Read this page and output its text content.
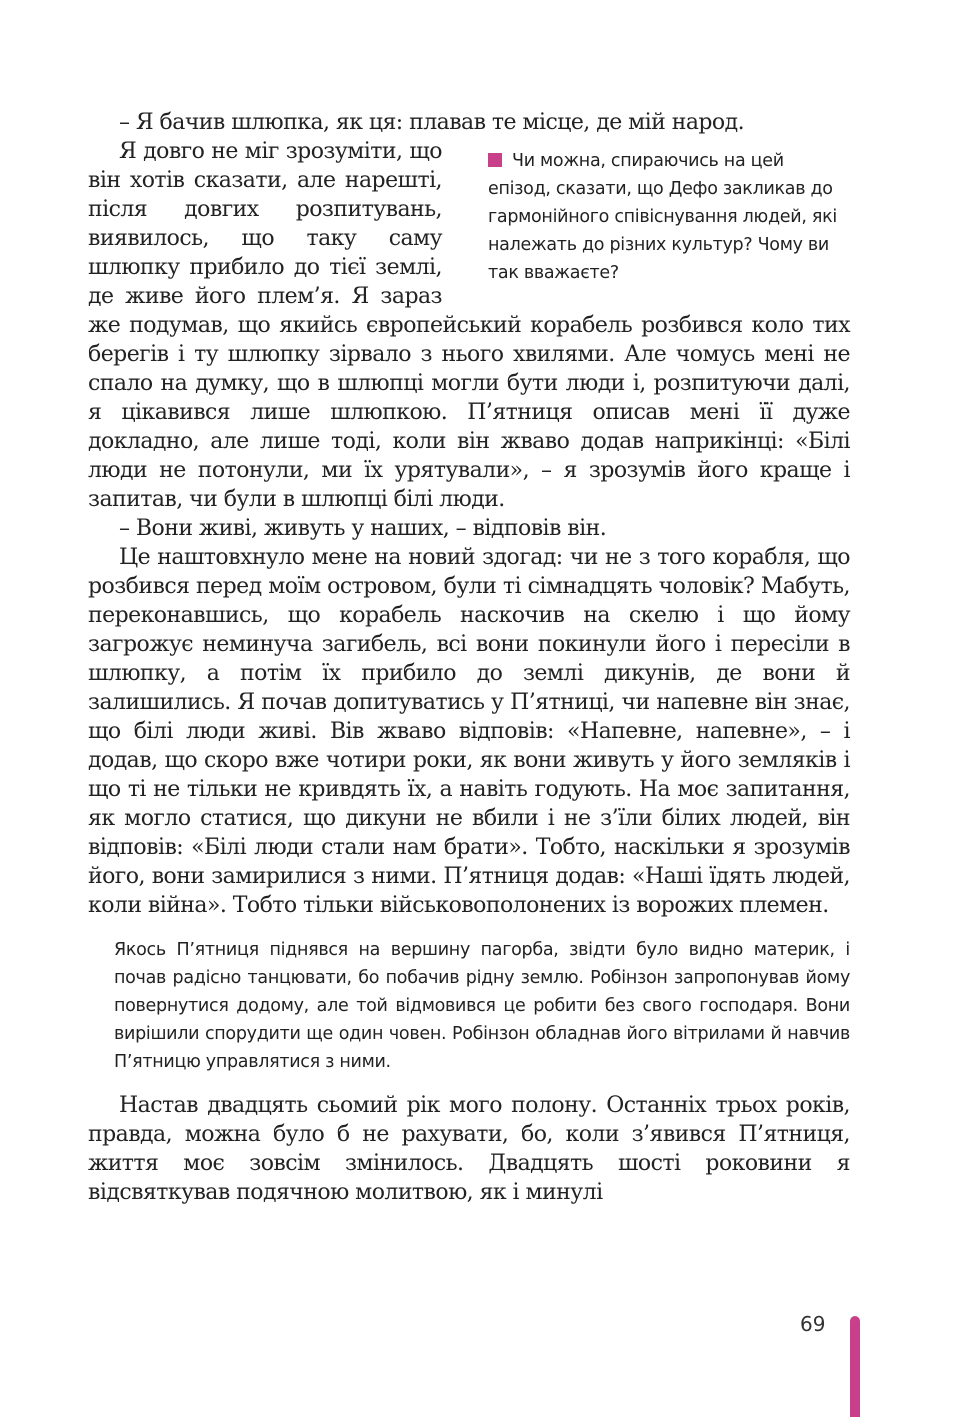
– Я бачив шлюпка, як ця: плавав те місце, де мій народ.

Чи можна, спираючись на цей епізод, сказати, що Дефо закликав до гармонійного співіснування людей, які належать до різних культур? Чому ви так вважаєте?
Я довго не міг зрозуміти, що він хотів сказати, але нарешті, після довгих розпитувань, виявилось, що таку саму шлюпку прибило до тієї землі, де живе його плем’я. Я зараз же подумав, що якийсь європейський корабель розбився коло тих берегів і ту шлюпку зірвало з нього хвилями. Але чомусь мені не спало на думку, що в шлюпці могли бути люди і, розпитуючи далі, я цікавився лише шлюпкою. П’ятниця описав мені її дуже докладно, але лише тоді, коли він жваво додав наприкінці: «Білі люди не потонули, ми їх урятували», – я зрозумів його краще і запитав, чи були в шлюпці білі люди.

– Вони живі, живуть у наших, – відповів він.

Це наштовхнуло мене на новий здогад: чи не з того корабля, що розбився перед моїм островом, були ті сімнадцять чоловік? Мабуть, переконавшись, що корабель наскочив на скелю і що йому загрожує неминуча загибель, всі вони покинули його і пересіли в шлюпку, а потім їх прибило до землі дикунів, де вони й залишились. Я почав допитуватись у П’ятниці, чи напевне він знає, що білі люди живі. Вів жваво відповів: «Напевне, напевне», – і додав, що скоро вже чотири роки, як вони живуть у його земляків і що ті не тільки не кривдять їх, а навіть годують. На моє запитання, як могло статися, що дикуни не вбили і не з’їли білих людей, він відповів: «Білі люди стали нам брати». Тобто, наскільки я зрозумів його, вони замирилися з ними. П’ятниця додав: «Наші їдять людей, коли війна». Тобто тільки військовополонених із ворожих племен.

Якось П’ятниця піднявся на вершину пагорба, звідти було видно материк, і почав радісно танцювати, бо побачив рідну землю. Робінзон запропонував йому повернутися додому, але той відмовився це робити без свого господаря. Вони вирішили спорудити ще один човен. Робінзон обладнав його вітрилами й навчив П’ятницю управлятися з ними.

Настав двадцять сьомий рік мого полону. Останніх трьох років, правда, можна було б не рахувати, бо, коли з’явився П’ятниця, життя моє зовсім змінилось. Двадцять шості роковини я відсвяткував подячною молитвою, як і минулі

69
